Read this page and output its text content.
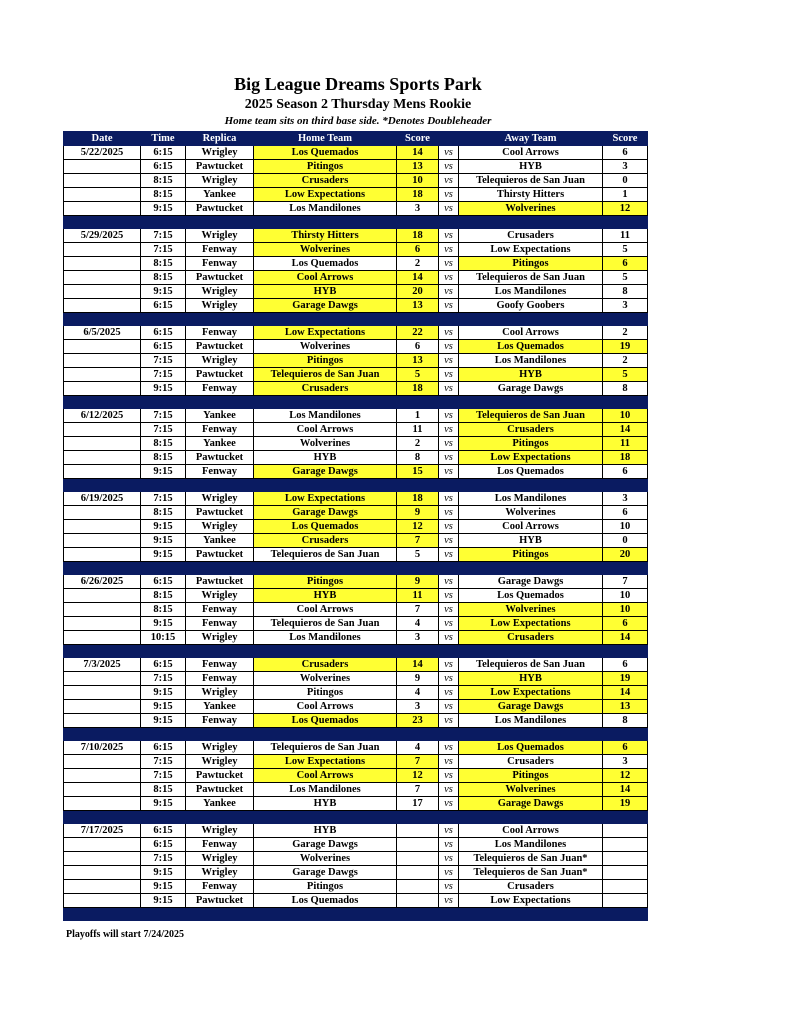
Big League Dreams Sports Park
2025 Season 2 Thursday Mens Rookie
Home team sits on third base side. *Denotes Doubleheader
Date	Time	Replica	Home Team	Score		Away Team	Score
5/22/2025	6:15	Wrigley	Los Quemados	14	vs	Cool Arrows	6
	6:15	Pawtucket	Pitingos	13	vs	HYB	3
	8:15	Wrigley	Crusaders	10	vs	Telequieros de San Juan	0
	8:15	Yankee	Low Expectations	18	vs	Thirsty Hitters	1
	9:15	Pawtucket	Los Mandilones	3	vs	Wolverines	12

5/29/2025	7:15	Wrigley	Thirsty Hitters	18	vs	Crusaders	11
	7:15	Fenway	Wolverines	6	vs	Low Expectations	5
	8:15	Fenway	Los Quemados	2	vs	Pitingos	6
	8:15	Pawtucket	Cool Arrows	14	vs	Telequieros de San Juan	5
	9:15	Wrigley	HYB	20	vs	Los Mandilones	8
	6:15	Wrigley	Garage Dawgs	13	vs	Goofy Goobers	3

6/5/2025	6:15	Fenway	Low Expectations	22	vs	Cool Arrows	2
	6:15	Pawtucket	Wolverines	6	vs	Los Quemados	19
	7:15	Wrigley	Pitingos	13	vs	Los Mandilones	2
	7:15	Pawtucket	Telequieros de San Juan	5	vs	HYB	5
	9:15	Fenway	Crusaders	18	vs	Garage Dawgs	8

6/12/2025	7:15	Yankee	Los Mandilones	1	vs	Telequieros de San Juan	10
	7:15	Fenway	Cool Arrows	11	vs	Crusaders	14
	8:15	Yankee	Wolverines	2	vs	Pitingos	11
	8:15	Pawtucket	HYB	8	vs	Low Expectations	18
	9:15	Fenway	Garage Dawgs	15	vs	Los Quemados	6

6/19/2025	7:15	Wrigley	Low Expectations	18	vs	Los Mandilones	3
	8:15	Pawtucket	Garage Dawgs	9	vs	Wolverines	6
	9:15	Wrigley	Los Quemados	12	vs	Cool Arrows	10
	9:15	Yankee	Crusaders	7	vs	HYB	0
	9:15	Pawtucket	Telequieros de San Juan	5	vs	Pitingos	20

6/26/2025	6:15	Pawtucket	Pitingos	9	vs	Garage Dawgs	7
	8:15	Wrigley	HYB	11	vs	Los Quemados	10
	8:15	Fenway	Cool Arrows	7	vs	Wolverines	10
	9:15	Fenway	Telequieros de San Juan	4	vs	Low Expectations	6
	10:15	Wrigley	Los Mandilones	3	vs	Crusaders	14

7/3/2025	6:15	Fenway	Crusaders	14	vs	Telequieros de San Juan	6
	7:15	Fenway	Wolverines	9	vs	HYB	19
	9:15	Wrigley	Pitingos	4	vs	Low Expectations	14
	9:15	Yankee	Cool Arrows	3	vs	Garage Dawgs	13
	9:15	Fenway	Los Quemados	23	vs	Los Mandilones	8

7/10/2025	6:15	Wrigley	Telequieros de San Juan	4	vs	Los Quemados	6
	7:15	Wrigley	Low Expectations	7	vs	Crusaders	3
	7:15	Pawtucket	Cool Arrows	12	vs	Pitingos	12
	8:15	Pawtucket	Los Mandilones	7	vs	Wolverines	14
	9:15	Yankee	HYB	17	vs	Garage Dawgs	19

7/17/2025	6:15	Wrigley	HYB		vs	Cool Arrows	
	6:15	Fenway	Garage Dawgs		vs	Los Mandilones	
	7:15	Wrigley	Wolverines		vs	Telequieros de San Juan*	
	9:15	Wrigley	Garage Dawgs		vs	Telequieros de San Juan*	
	9:15	Fenway	Pitingos		vs	Crusaders	
	9:15	Pawtucket	Los Quemados		vs	Low Expectations	

Playoffs will start 7/24/2025
